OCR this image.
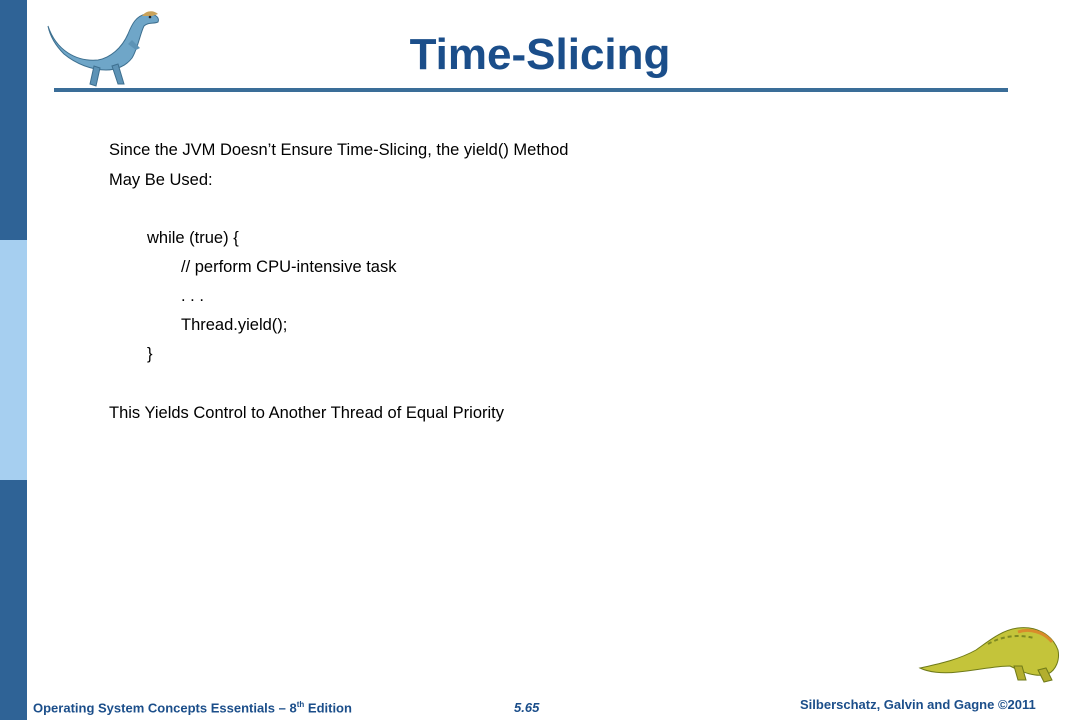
Time-Slicing
Since the JVM Doesn’t Ensure Time-Slicing, the yield() Method
May Be Used:
while (true) {
// perform CPU-intensive task
. . .
Thread.yield();
}
This Yields Control to Another Thread of Equal Priority
Operating System Concepts Essentials – 8th Edition	5.65	Silberschatz, Galvin and Gagne ©2011
